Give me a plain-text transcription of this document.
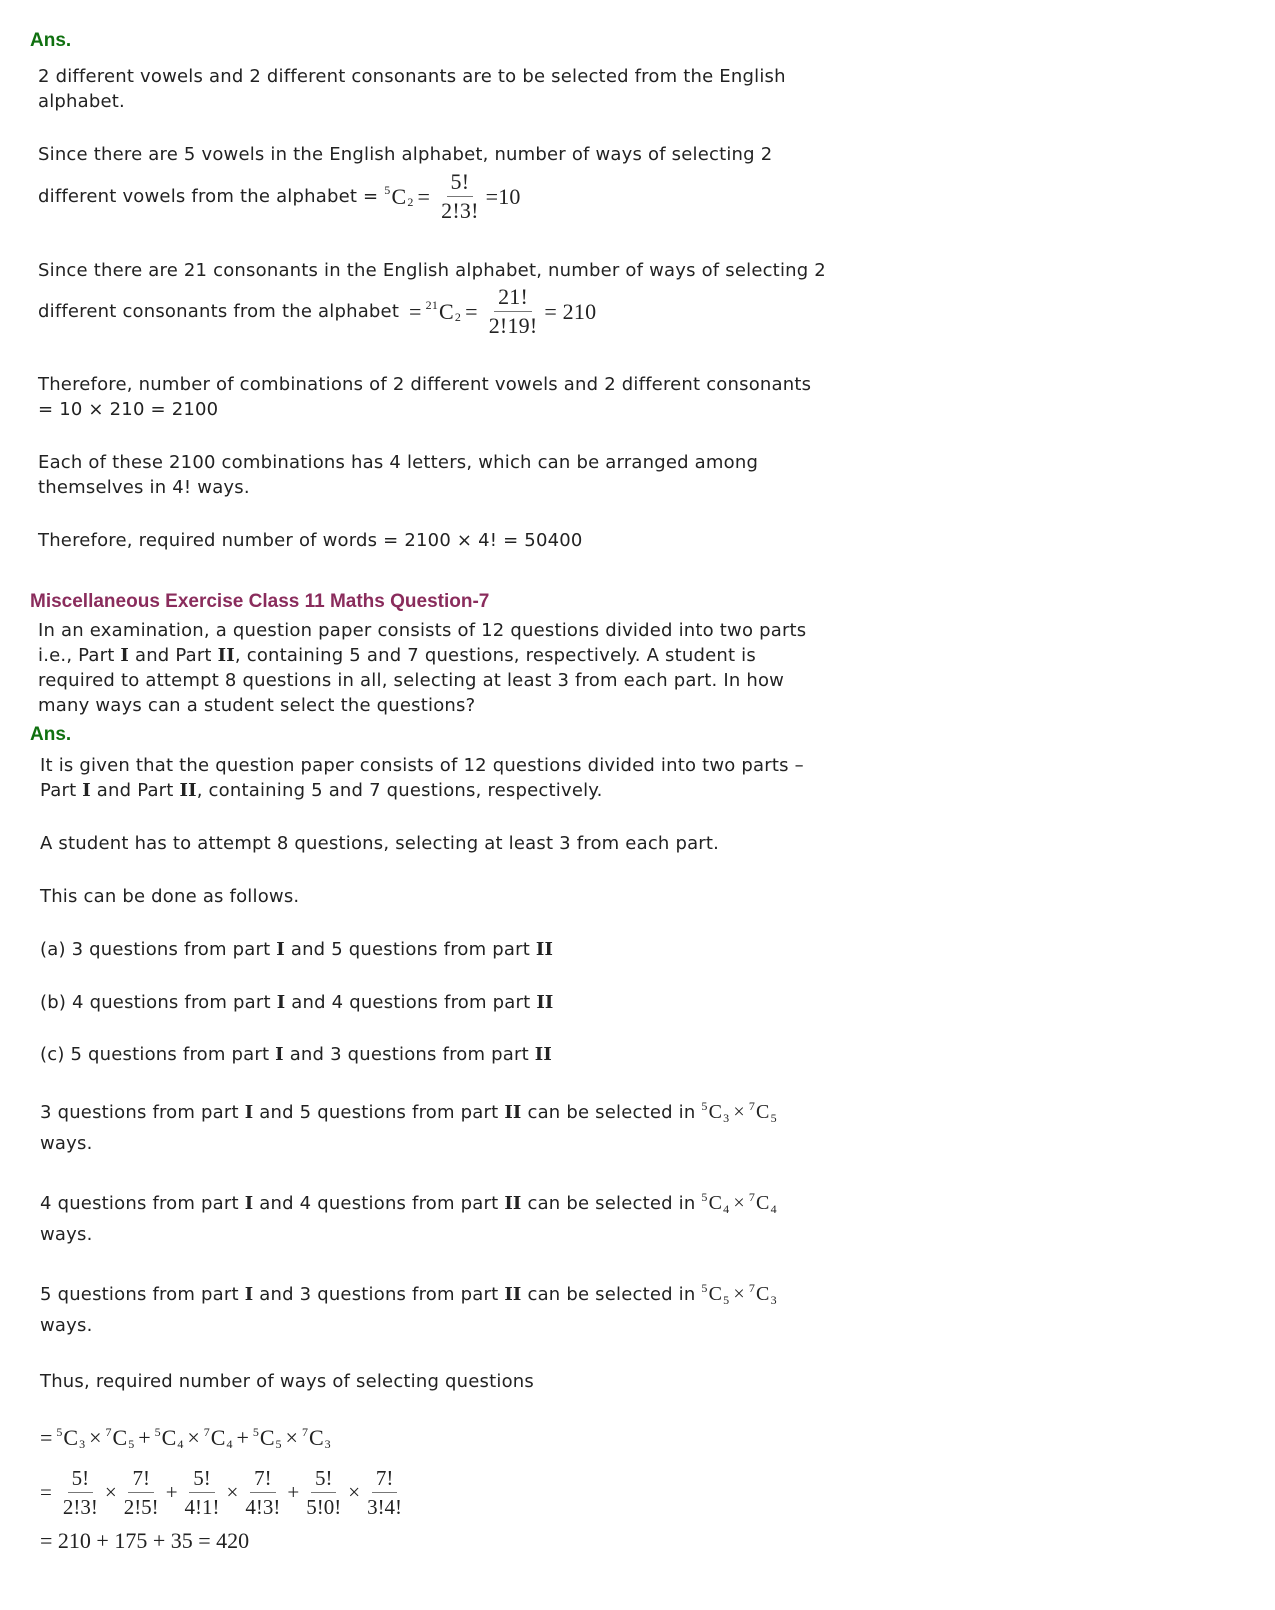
Ans.
2 different vowels and 2 different consonants are to be selected from the English
alphabet.
Since there are 5 vowels in the English alphabet, number of ways of selecting 2
different vowels from the alphabet = $^5$ $C_2 = \frac{5!}{2!3!} =10$
Since there are 21 consonants in the English alphabet, number of ways of selecting 2
different consonants from the alphabet = $^{21}$ $C_2 = \frac{21!}{2!19!} = 210$
Therefore, number of combinations of 2 different vowels and 2 different consonants
= 10 × 210 = 2100
Each of these 2100 combinations has 4 letters, which can be arranged among
themselves in 4! ways.
Therefore, required number of words = 2100 × 4! = 50400
Miscellaneous Exercise Class 11 Maths Question-7
In an examination, a question paper consists of 12 questions divided into two parts
i.e., Part I and Part II, containing 5 and 7 questions, respectively. A student is
required to attempt 8 questions in all, selecting at least 3 from each part. In how
many ways can a student select the questions?
Ans.
It is given that the question paper consists of 12 questions divided into two parts –
Part I and Part II, containing 5 and 7 questions, respectively.
A student has to attempt 8 questions, selecting at least 3 from each part.
This can be done as follows.
(a) 3 questions from part I and 5 questions from part II
(b) 4 questions from part I and 4 questions from part II
(c) 5 questions from part I and 3 questions from part II
3 questions from part I and 5 questions from part II can be selected in $^5$ $C_3 \times ^7$ $C_5$
ways.
4 questions from part I and 4 questions from part II can be selected in $^5$ $C_4 \times ^7$ $C_4$
ways.
5 questions from part I and 3 questions from part II can be selected in $^5$ $C_5 \times ^7$ $C_3$
ways.
Thus, required number of ways of selecting questions
= $^5$ $C_3 \times ^7$ $C_5 + ^5$ $C_4 \times ^7$ $C_4 + ^5$ $C_5 \times ^7$ $C_3$
= $\frac{5!}{2!3!} \times \frac{7!}{2!5!} + \frac{5!}{4!1!} \times \frac{7!}{4!3!} + \frac{5!}{5!0!} \times \frac{7!}{3!4!}$
= 210 + 175 + 35 = 420
